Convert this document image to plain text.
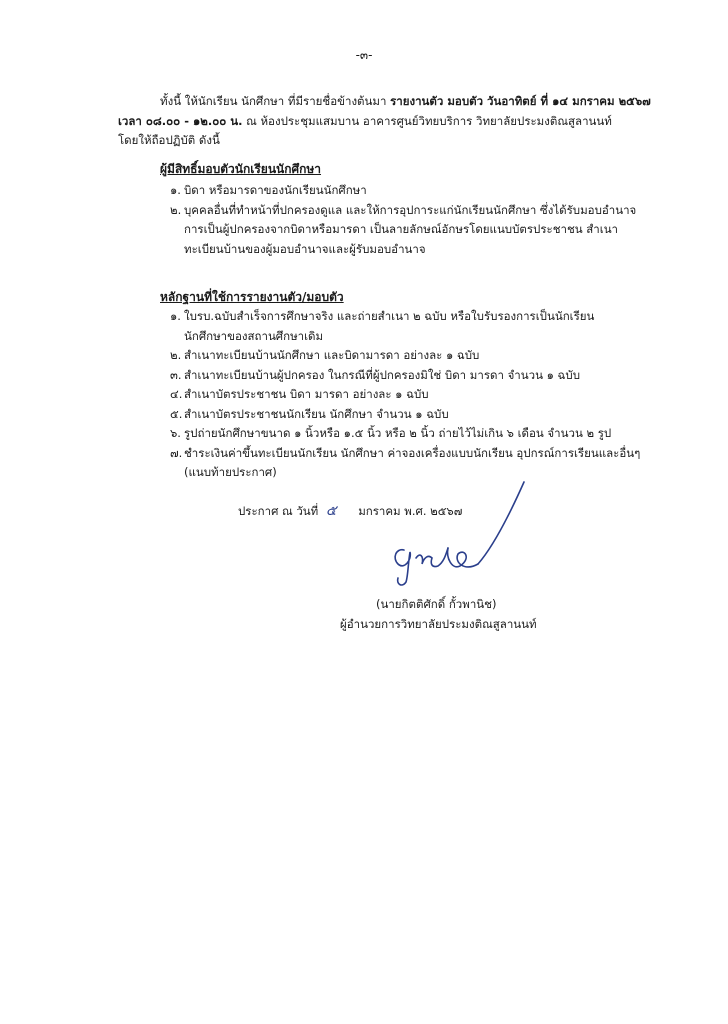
-๓-
ทั้งนี้ ให้นักเรียน นักศึกษา ที่มีรายชื่อข้างต้นมา รายงานตัว มอบตัว วันอาทิตย์ ที่ ๑๔ มกราคม ๒๕๖๗
เวลา ๐๘.๐๐ - ๑๒.๐๐ น. ณ ห้องประชุมแสมบาน อาคารศูนย์วิทยบริการ วิทยาลัยประมงติณสูลานนท์
โดยให้ถือปฏิบัติ ดังนี้
ผู้มีสิทธิ์มอบตัวนักเรียนนักศึกษา
๑. บิดา หรือมารดาของนักเรียนนักศึกษา
๒. บุคคลอื่นที่ทำหน้าที่ปกครองดูแล และให้การอุปการะแก่นักเรียนนักศึกษา ซึ่งได้รับมอบอำนาจ
การเป็นผู้ปกครองจากบิดาหรือมารดา เป็นลายลักษณ์อักษรโดยแนบบัตรประชาชน สำเนา
ทะเบียนบ้านของผู้มอบอำนาจและผู้รับมอบอำนาจ
หลักฐานที่ใช้การรายงานตัว/มอบตัว
๑. ใบรบ.ฉบับสำเร็จการศึกษาจริง และถ่ายสำเนา ๒ ฉบับ หรือใบรับรองการเป็นนักเรียน
นักศึกษาของสถานศึกษาเดิม
๒. สำเนาทะเบียนบ้านนักศึกษา และบิดามารดา อย่างละ ๑ ฉบับ
๓. สำเนาทะเบียนบ้านผู้ปกครอง ในกรณีที่ผู้ปกครองมิใช่ บิดา มารดา จำนวน ๑ ฉบับ
๔. สำเนาบัตรประชาชน บิดา มารดา อย่างละ ๑ ฉบับ
๕. สำเนาบัตรประชาชนนักเรียน นักศึกษา จำนวน ๑ ฉบับ
๖. รูปถ่ายนักศึกษาขนาด ๑ นิ้วหรือ ๑.๕ นิ้ว หรือ ๒ นิ้ว ถ่ายไว้ไม่เกิน ๖ เดือน จำนวน ๒ รูป
๗. ชำระเงินค่าขึ้นทะเบียนนักเรียน นักศึกษา ค่าจองเครื่องแบบนักเรียน อุปกรณ์การเรียนและอื่นๆ
(แนบท้ายประกาศ)
ประกาศ ณ วันที่ ๕ มกราคม พ.ศ. ๒๕๖๗
(นายกิตติศักดิ์ กั้วพานิช)
ผู้อำนวยการวิทยาลัยประมงติณสูลานนท์
